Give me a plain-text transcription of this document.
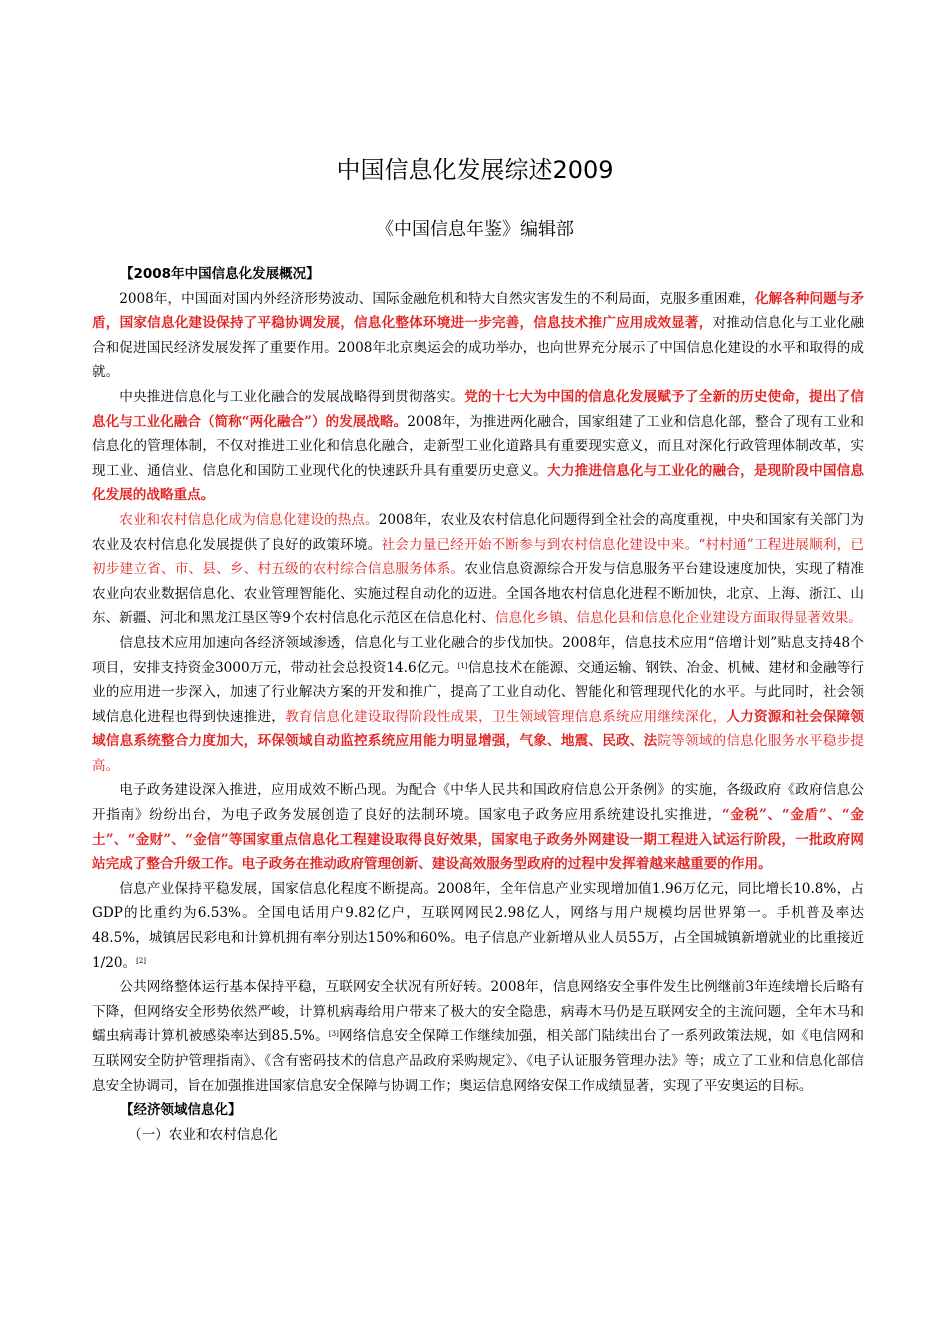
中国信息化发展综述2009
《中国信息年鉴》编辑部

【2008年中国信息化发展概况】

2008年，中国面对国内外经济形势波动、国际金融危机和特大自然灾害发生的不利局面，克服多重困难，化解各种问题与矛盾，国家信息化建设保持了平稳协调发展，信息化整体环境进一步完善，信息技术推广应用成效显著，对推动信息化与工业化融合和促进国民经济发展发挥了重要作用。2008年北京奥运会的成功举办，也向世界充分展示了中国信息化建设的水平和取得的成就。

中央推进信息化与工业化融合的发展战略得到贯彻落实。党的十七大为中国的信息化发展赋予了全新的历史使命，提出了信息化与工业化融合（简称“两化融合”）的发展战略。2008年，为推进两化融合，国家组建了工业和信息化部，整合了现有工业和信息化的管理体制，不仅对推进工业化和信息化融合，走新型工业化道路具有重要现实意义，而且对深化行政管理体制改革，实现工业、通信业、信息化和国防工业现代化的快速跃升具有重要历史意义。大力推进信息化与工业化的融合，是现阶段中国信息化发展的战略重点。

农业和农村信息化成为信息化建设的热点。2008年，农业及农村信息化问题得到全社会的高度重视，中央和国家有关部门为农业及农村信息化发展提供了良好的政策环境。社会力量已经开始不断参与到农村信息化建设中来。“村村通”工程进展顺利，已初步建立省、市、县、乡、村五级的农村综合信息服务体系。农业信息资源综合开发与信息服务平台建设速度加快，实现了精准农业向农业数据信息化、农业管理智能化、实施过程自动化的迈进。全国各地农村信息化进程不断加快，北京、上海、浙江、山东、新疆、河北和黑龙江垦区等9个农村信息化示范区在信息化村、信息化乡镇、信息化县和信息化企业建设方面取得显著效果。

信息技术应用加速向各经济领域渗透，信息化与工业化融合的步伐加快。2008年，信息技术应用“倍增计划”贴息支持48个项目，安排支持资金3000万元，带动社会总投资14.6亿元。[1]信息技术在能源、交通运输、钢铁、冶金、机械、建材和金融等行业的应用进一步深入，加速了行业解决方案的开发和推广，提高了工业自动化、智能化和管理现代化的水平。与此同时，社会领域信息化进程也得到快速推进，教育信息化建设取得阶段性成果，卫生领域管理信息系统应用继续深化，人力资源和社会保障领域信息系统整合力度加大，环保领域自动监控系统应用能力明显增强，气象、地震、民政、法院等领域的信息化服务水平稳步提高。

电子政务建设深入推进，应用成效不断凸现。为配合《中华人民共和国政府信息公开条例》的实施，各级政府《政府信息公开指南》纷纷出台，为电子政务发展创造了良好的法制环境。国家电子政务应用系统建设扎实推进，“金税”、“金盾”、“金土”、“金财”、“金信”等国家重点信息化工程建设取得良好效果，国家电子政务外网建设一期工程进入试运行阶段，一批政府网站完成了整合升级工作。电子政务在推动政府管理创新、建设高效服务型政府的过程中发挥着越来越重要的作用。

信息产业保持平稳发展，国家信息化程度不断提高。2008年，全年信息产业实现增加值1.96万亿元，同比增长10.8%，占GDP的比重约为6.53%。全国电话用户9.82亿户，互联网网民2.98亿人，网络与用户规模均居世界第一。手机普及率达48.5%，城镇居民彩电和计算机拥有率分别达150%和60%。电子信息产业新增从业人员55万，占全国城镇新增就业的比重接近1/20。[2]

公共网络整体运行基本保持平稳，互联网安全状况有所好转。2008年，信息网络安全事件发生比例继前3年连续增长后略有下降，但网络安全形势依然严峻，计算机病毒给用户带来了极大的安全隐患，病毒木马仍是互联网安全的主流问题，全年木马和蠕虫病毒计算机被感染率达到85.5%。[3]网络信息安全保障工作继续加强，相关部门陆续出台了一系列政策法规，如《电信网和互联网安全防护管理指南》、《含有密码技术的信息产品政府采购规定》、《电子认证服务管理办法》等；成立了工业和信息化部信息安全协调司，旨在加强推进国家信息安全保障与协调工作；奥运信息网络安保工作成绩显著，实现了平安奥运的目标。

【经济领域信息化】

（一）农业和农村信息化
